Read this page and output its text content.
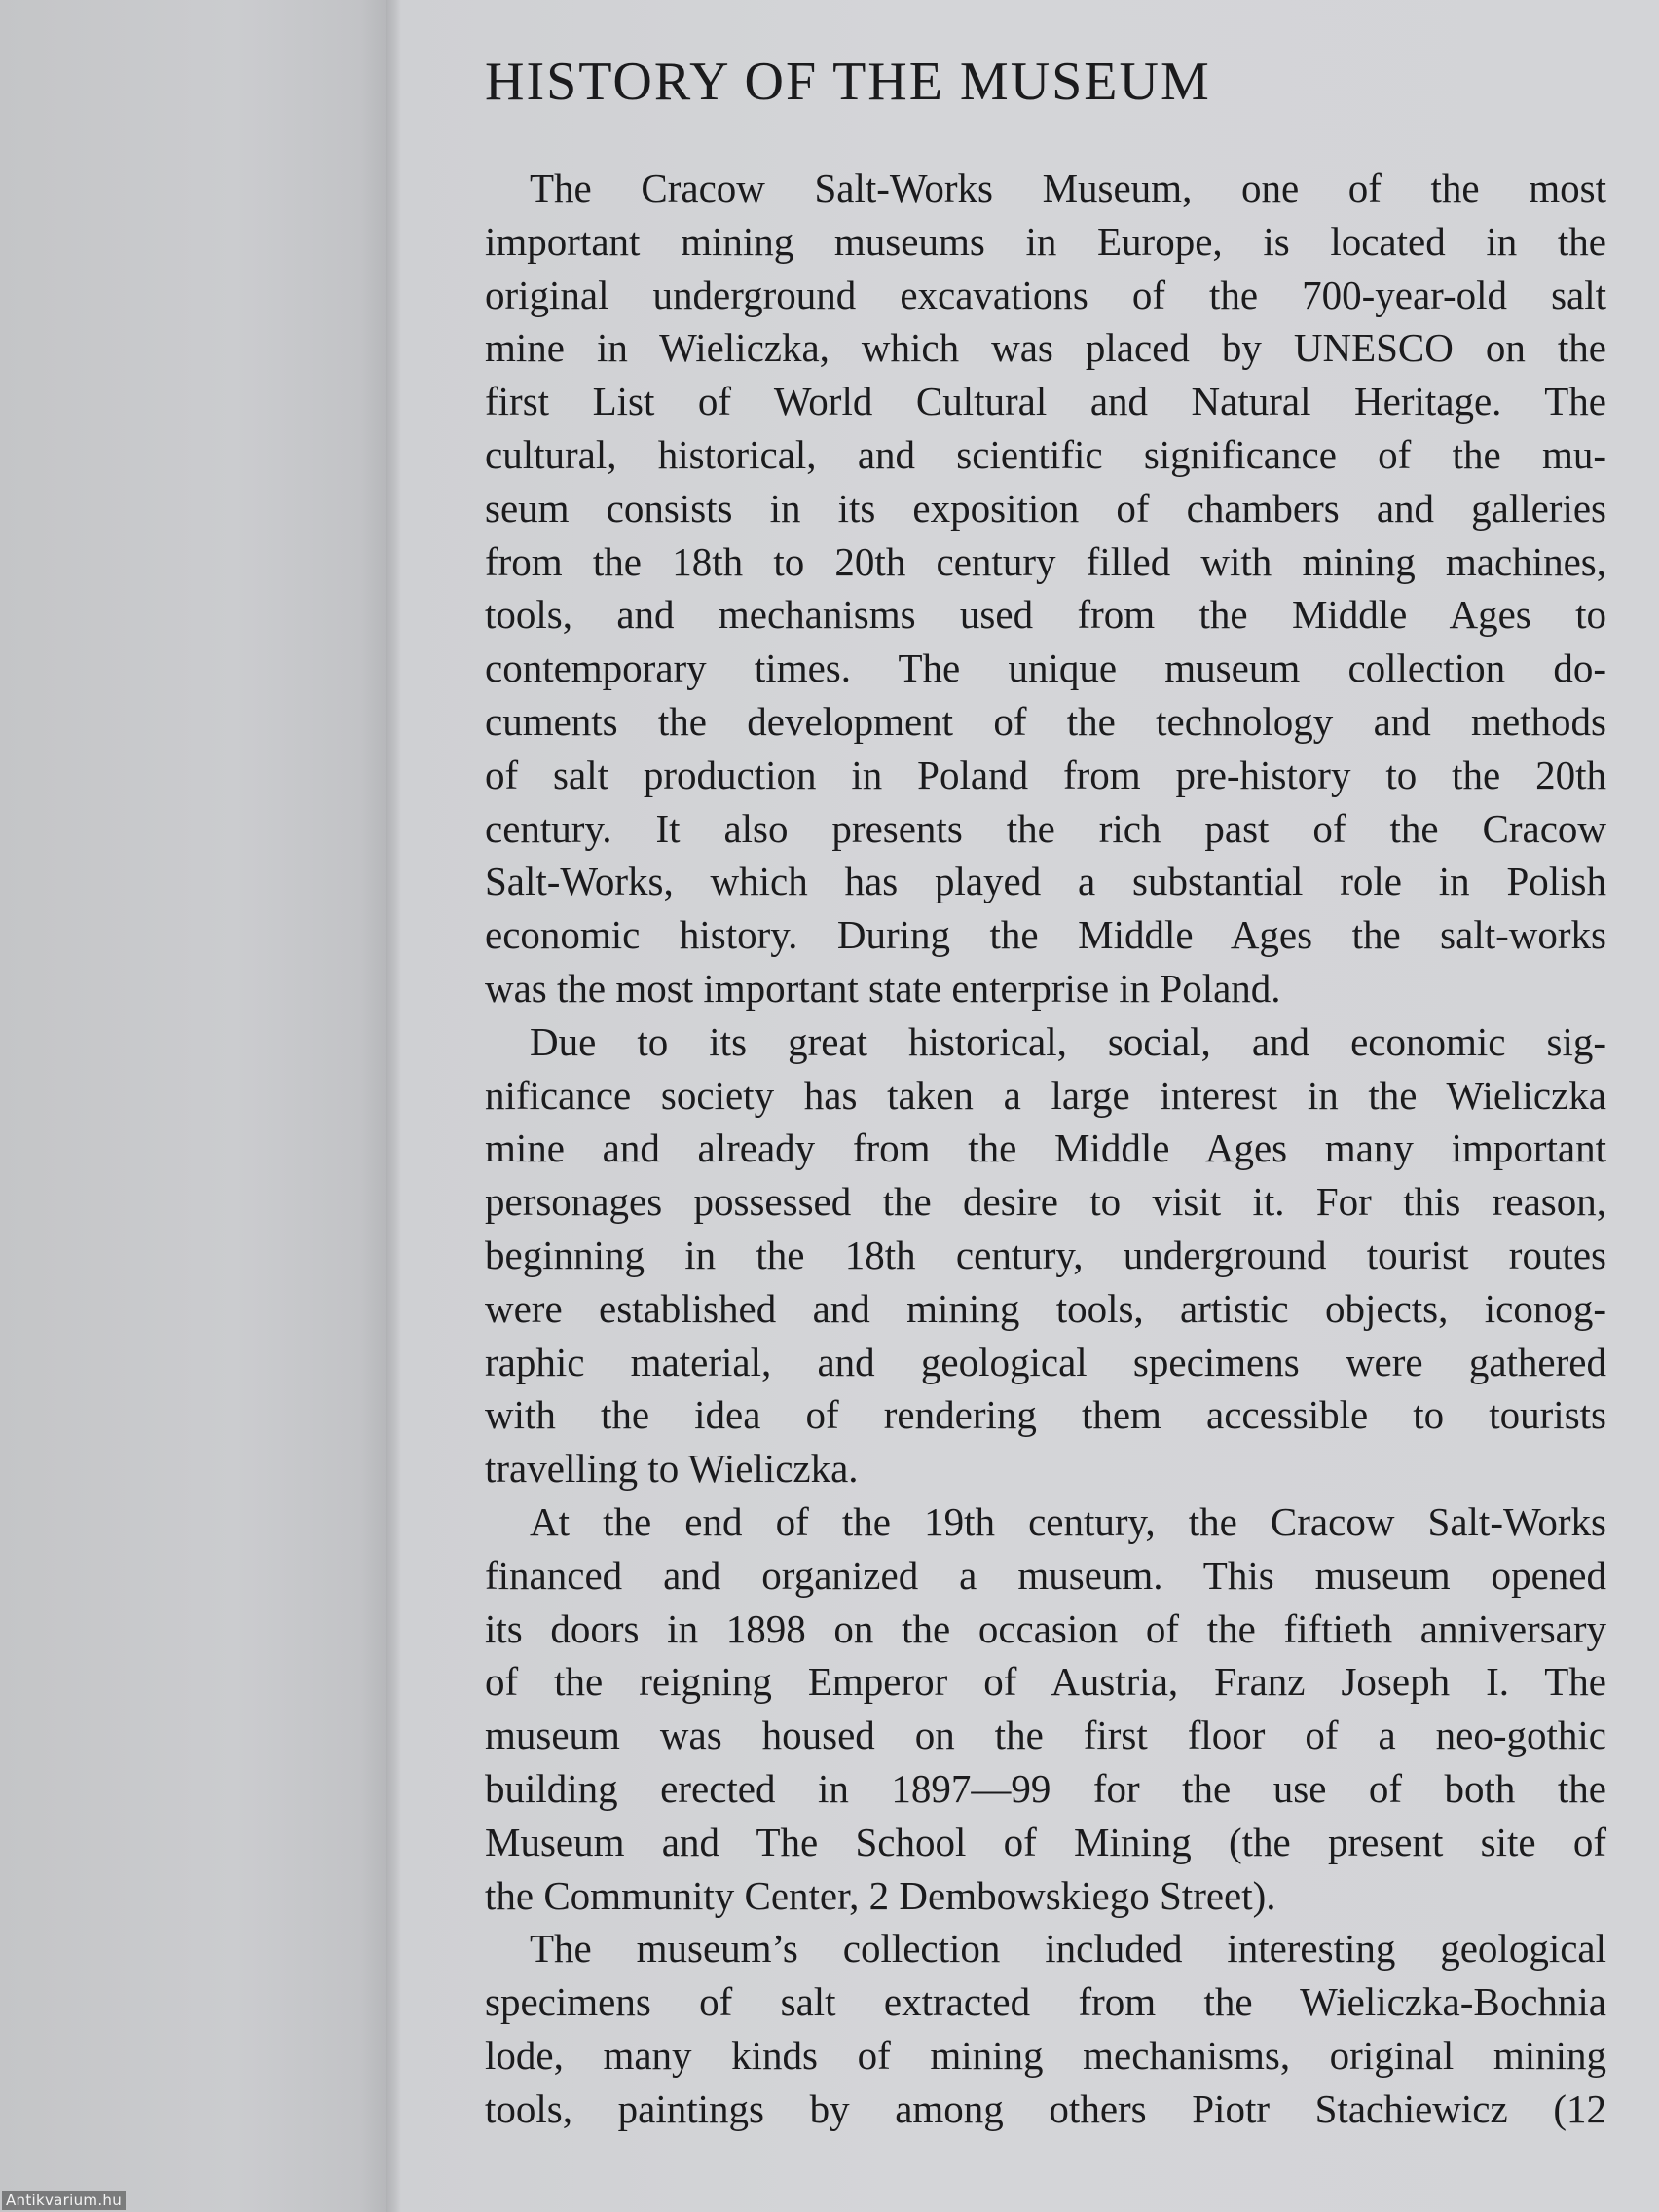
HISTORY OF THE MUSEUM
The Cracow Salt-Works Museum, one of the most
important mining museums in Europe, is located in the
original underground excavations of the 700-year-old salt
mine in Wieliczka, which was placed by UNESCO on the
first List of World Cultural and Natural Heritage. The
cultural, historical, and scientific significance of the mu-
seum consists in its exposition of chambers and galleries
from the 18th to 20th century filled with mining machines,
tools, and mechanisms used from the Middle Ages to
contemporary times. The unique museum collection do-
cuments the development of the technology and methods
of salt production in Poland from pre-history to the 20th
century. It also presents the rich past of the Cracow
Salt-Works, which has played a substantial role in Polish
economic history. During the Middle Ages the salt-works
was the most important state enterprise in Poland.
Due to its great historical, social, and economic sig-
nificance society has taken a large interest in the Wieliczka
mine and already from the Middle Ages many important
personages possessed the desire to visit it. For this reason,
beginning in the 18th century, underground tourist routes
were established and mining tools, artistic objects, iconog-
raphic material, and geological specimens were gathered
with the idea of rendering them accessible to tourists
travelling to Wieliczka.
At the end of the 19th century, the Cracow Salt-Works
financed and organized a museum. This museum opened
its doors in 1898 on the occasion of the fiftieth anniversary
of the reigning Emperor of Austria, Franz Joseph I. The
museum was housed on the first floor of a neo-gothic
building erected in 1897—99 for the use of both the
Museum and The School of Mining (the present site of
the Community Center, 2 Dembowskiego Street).
The museum’s collection included interesting geological
specimens of salt extracted from the Wieliczka-Bochnia
lode, many kinds of mining mechanisms, original mining
tools, paintings by among others Piotr Stachiewicz (12
Antikvarium.hu
